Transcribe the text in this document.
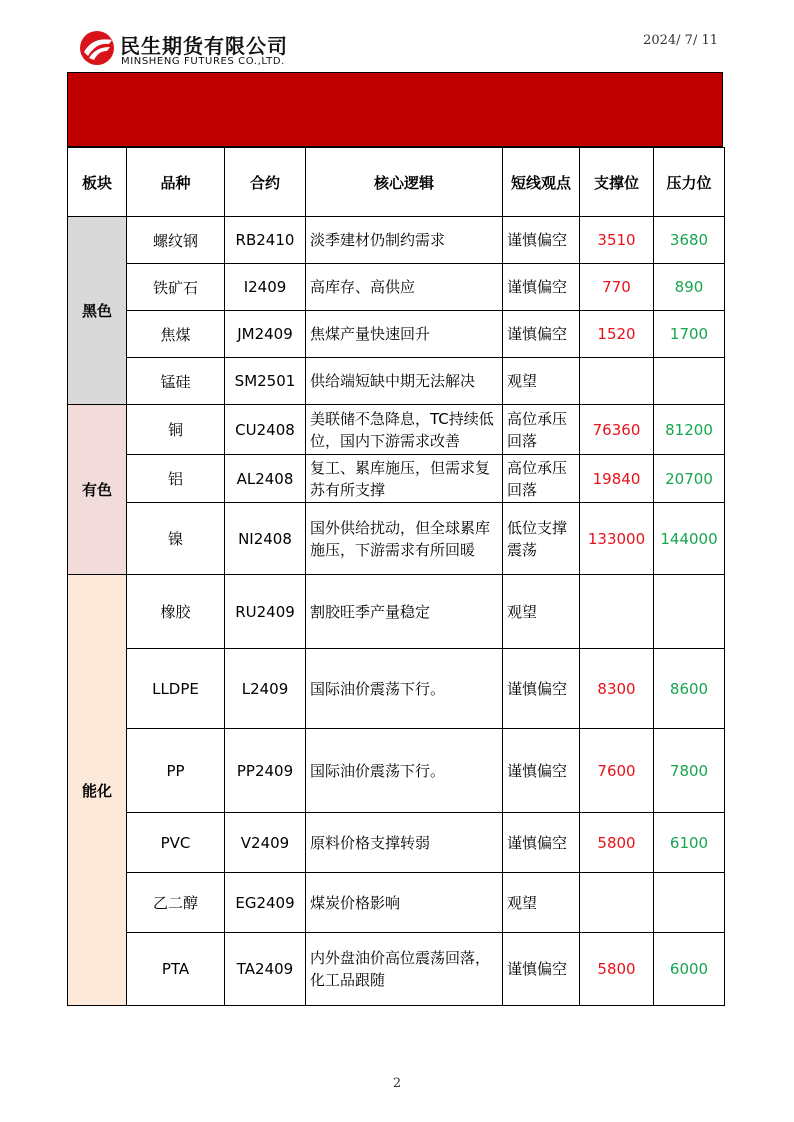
民生期货有限公司
MINSHENG FUTURES CO.,LTD.
2024/ 7/ 11
板块	品种	合约	核心逻辑	短线观点	支撑位	压力位
黑色	螺纹钢	RB2410	淡季建材仍制约需求	谨慎偏空	3510	3680
	铁矿石	I2409	高库存、高供应	谨慎偏空	770	890
	焦煤	JM2409	焦煤产量快速回升	谨慎偏空	1520	1700
	锰硅	SM2501	供给端短缺中期无法解决	观望		
有色	铜	CU2408	美联储不急降息，TC持续低位，国内下游需求改善	高位承压回落	76360	81200
	铝	AL2408	复工、累库施压，但需求复苏有所支撑	高位承压回落	19840	20700
	镍	NI2408	国外供给扰动，但全球累库施压，下游需求有所回暖	低位支撑震荡	133000	144000
能化	橡胶	RU2409	割胶旺季产量稳定	观望		
	LLDPE	L2409	国际油价震荡下行。	谨慎偏空	8300	8600
	PP	PP2409	国际油价震荡下行。	谨慎偏空	7600	7800
	PVC	V2409	原料价格支撑转弱	谨慎偏空	5800	6100
	乙二醇	EG2409	煤炭价格影响	观望		
	PTA	TA2409	内外盘油价高位震荡回落，化工品跟随	谨慎偏空	5800	6000
2
